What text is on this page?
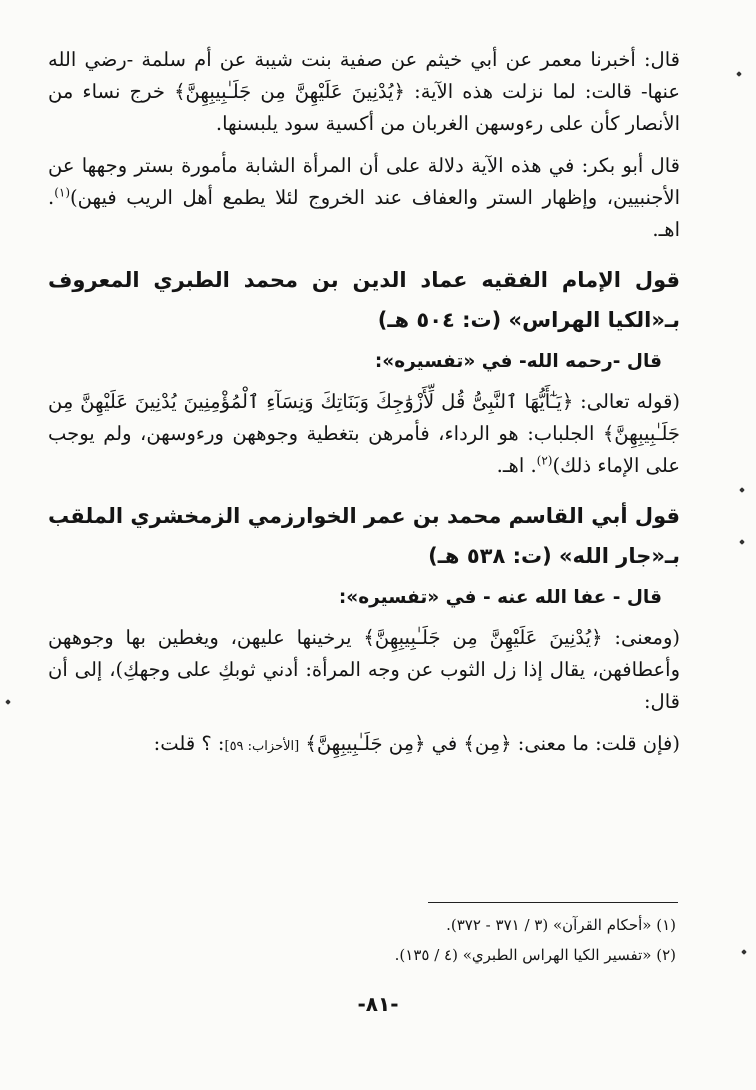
قال: أخبرنا معمر عن أبي خيثم عن صفية بنت شيبة عن أم سلمة -رضي الله عنها- قالت: لما نزلت هذه الآية: ﴿يُدْنِينَ عَلَيْهِنَّ مِن جَلَـٰبِيبِهِنَّ﴾ خرج نساء من الأنصار كأن على رءوسهن الغربان من أكسية سود يلبسنها.

قال أبو بكر: في هذه الآية دلالة على أن المرأة الشابة مأمورة بستر وجهها عن الأجنبيين، وإظهار الستر والعفاف عند الخروج لئلا يطمع أهل الريب فيهن)$^{(١)}$. اهـ.

قول الإمام الفقيه عماد الدين بن محمد الطبري المعروف بـ«الكيا الهراس» (ت: ٥٠٤ هـ)
قال -رحمه الله- في «تفسيره»:

(قوله تعالى: ﴿يَـٰٓأَيُّهَا ٱلنَّبِىُّ قُل لِّأَزْوَٰجِكَ وَبَنَاتِكَ وَنِسَآءِ ٱلْمُؤْمِنِينَ يُدْنِينَ عَلَيْهِنَّ مِن جَلَـٰبِيبِهِنَّ﴾ الجلباب: هو الرداء، فأمرهن بتغطية وجوههن ورءوسهن، ولم يوجب على الإماء ذلك)$^{(٢)}$. اهـ.

قول أبي القاسم محمد بن عمر الخوارزمي الزمخشري الملقب بـ«جار الله» (ت: ٥٣٨ هـ)
قال - عفا الله عنه - في «تفسيره»:

(ومعنى: ﴿يُدْنِينَ عَلَيْهِنَّ مِن جَلَـٰبِيبِهِنَّ﴾ يرخينها عليهن، ويغطين بها وجوههن وأعطافهن، يقال إذا زل الثوب عن وجه المرأة: أدني ثوبكِ على وجهكِ)، إلى أن قال:

(فإن قلت: ما معنى: ﴿مِن﴾ في ﴿مِن جَلَـٰبِيبِهِنَّ﴾ [الأحزاب: ٥٩]: ؟ قلت:

(١) «أحكام القرآن» (٣ / ٣٧١ - ٣٧٢).
(٢) «تفسير الكيا الهراس الطبري» (٤ / ١٣٥).
-٨١-
